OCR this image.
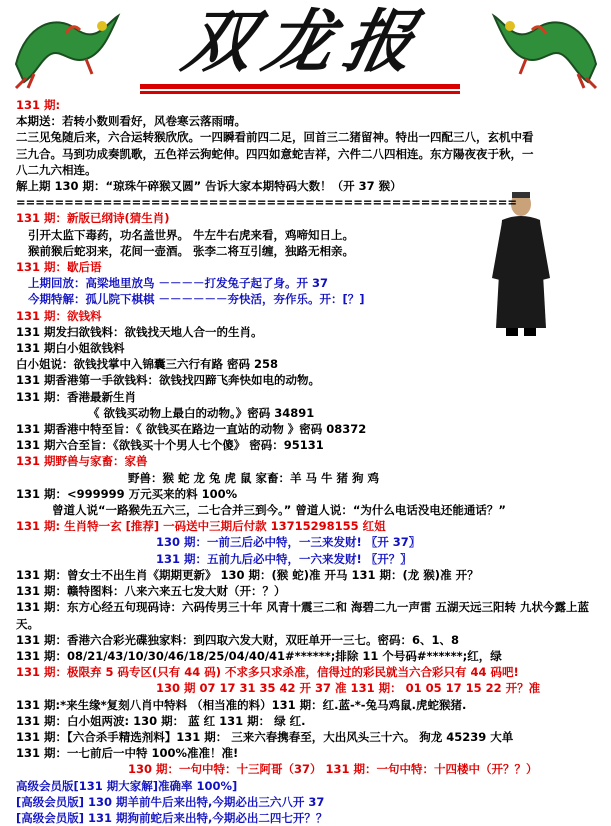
双龙报
131 期:
本期送：若转小数则看好，风卷寒云落雨晴。
二三见兔随后来，六合运转猴欣欣。一四瞬看前四二足，回首三二猪留神。特出一四配三八，玄机中看
三九合。马到功成奏凯歌，五色祥云狗蛇伸。四四如意蛇吉祥，六件二八四相连。东方陽夜夜于秋，一
八二九六相连。
解上期 130 期：“琼珠午碎猴又圆” 告诉大家本期特码大数！（开 37 猴）
====================================================
131 期：新版已纲诗(猜生肖)
引开太监下毒药，功名盖世界。 牛左牛右虎来看，鸡啼知日上。
猴前猴后蛇羽来，花间一壶酒。 张李二将互引缠，独路无相亲。
131 期：歇后语
上期回放：高梁地里放鸟 －－－－打发兔子起了身。开 37
今期特解：孤儿院下棋棋 －－－－－－夯快活，夯作乐。开：[？]
131 期：欲钱料
131 期发扫欲钱料：欲钱找天地人合一的生肖。
131 期白小姐欲钱料
白小姐说：欲钱找掌中入锦囊三六行有路 密码 258
131 期香港第一手欲钱料：欲钱找四蹄飞奔快如电的动物。
131 期：香港最新生肖
《 欲钱买动物上最白的动物。》密码 34891
131 期香港中特至旨：《 欲钱买在路边一直站的动物 》密码 08372
131 期六合至旨：《欲钱买十个男人七个傻》 密码：95131
131 期野兽与家畜：家兽
野兽：猴 蛇 龙 兔 虎 鼠 家畜：羊 马 牛 猪 狗 鸡
131 期：<999999 万元买来的料 100%
曾道人说“一路猴先五六三，二七合并三到今。” 曾道人说：“为什么电话没电还能通话？”
131 期: 生肖特一玄 [推荐] 一码送中三期后付款 13715298155 红姐
130 期：一前三后必中特，一三来发财! 〖开 37〗
131 期：五前九后必中特，一六来发财! 〖开？〗
131 期：曾女士不出生肖《期期更新》 130 期：(猴 蛇)准 开马 131 期：(龙 猴)准 开？
131 期：赣特图料：八来六来五七发大财（开：？）
131 期：东方心经五句现码诗：六码传男三十年 风青十震三二和 海碧二九一声雷 五湖天远三阳转 九状今露上蓝天。
131 期：香港六合彩光碟独家料：到四取六发大财，双旺单开一三七。密码：6、1、8
131 期：08/21/43/10/30/46/18/25/04/40/41#******;排除 11 个号码#******;红，绿
131 期：极限弃 5 码专区(只有 44 码) 不求多只求杀准，信得过的彩民就当六合彩只有 44 码吧!
130 期 07 17 31 35 42 开 37 准 131 期： 01 05 17 15 22 开？准
131 期:*来生缘*复刻八肖中特料 （相当准的料）131 期：红.蓝-*-兔马鸡鼠.虎蛇猴猪.
131 期：白小姐两波: 130 期： 蓝 红 131 期： 绿 红.
131 期：【六合杀手精选剂料】131 期： 三来六春携春至，大出风头三十六。 狗龙 45239 大单
131 期：一七前后一中特 100%准准！准!
130 期：一句中特：十三阿哥（37） 131 期：一句中特：十四楼中（开？？）
高级会员版[131 期大家解]准确率 100%]
[高级会员版] 130 期羊前牛后来出特,今期必出三六八开 37
[高级会员版] 131 期狗前蛇后来出特,今期必出二四七开？？
